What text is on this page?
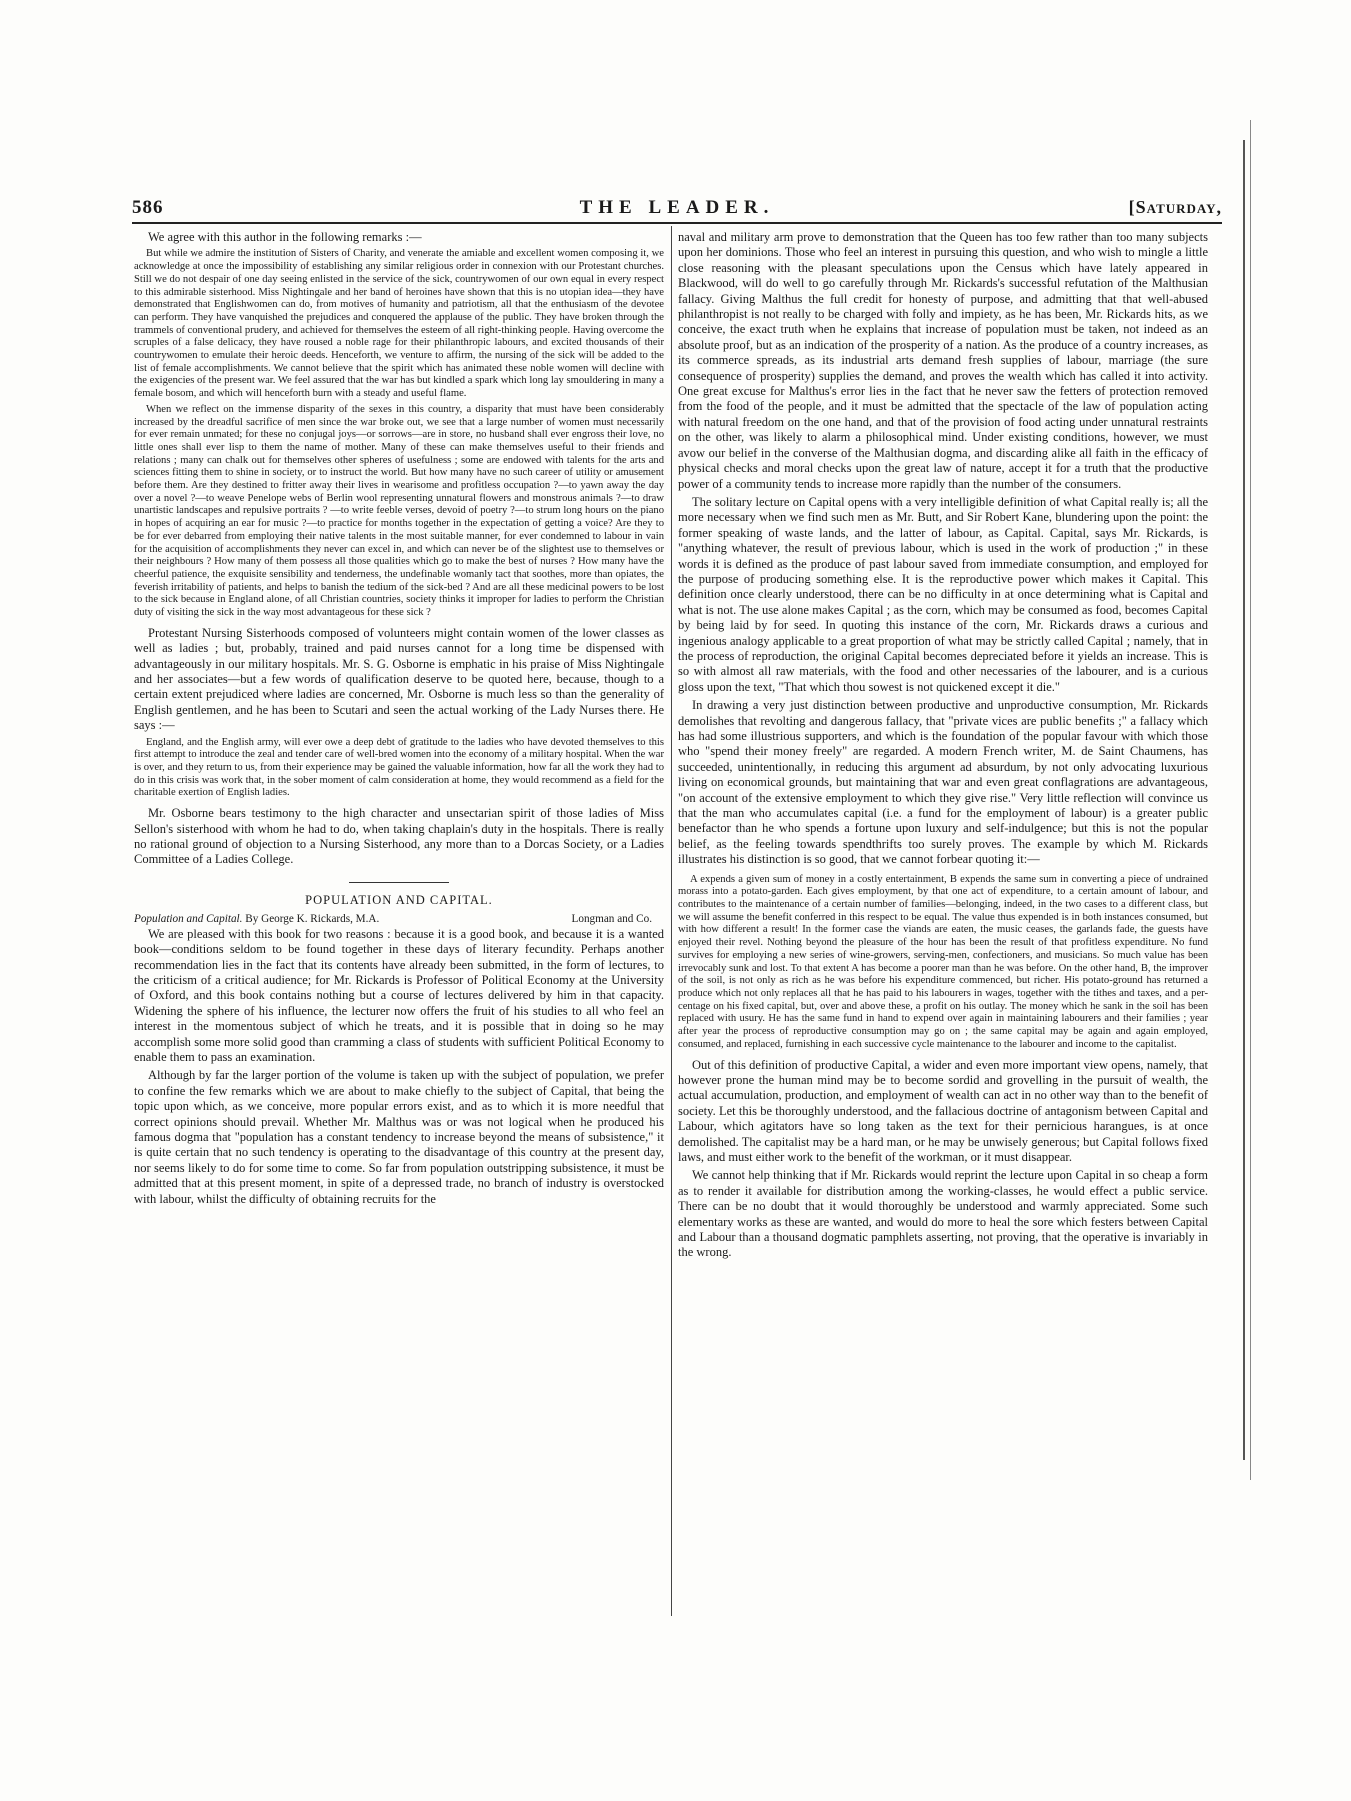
586	THE LEADER.	[Saturday,

We agree with this author in the following remarks :—

But while we admire the institution of Sisters of Charity, and venerate the amiable and excellent women composing it, we acknowledge at once the impossibility of establishing any similar religious order in connexion with our Protestant churches. Still we do not despair of one day seeing enlisted in the service of the sick, countrywomen of our own equal in every respect to this admirable sisterhood. Miss Nightingale and her band of heroines have shown that this is no utopian idea—they have demonstrated that Englishwomen can do, from motives of humanity and patriotism, all that the enthusiasm of the devotee can perform. They have vanquished the prejudices and conquered the applause of the public. They have broken through the trammels of conventional prudery, and achieved for themselves the esteem of all right-thinking people. Having overcome the scruples of a false delicacy, they have roused a noble rage for their philanthropic labours, and excited thousands of their countrywomen to emulate their heroic deeds. Henceforth, we venture to affirm, the nursing of the sick will be added to the list of female accomplishments. We cannot believe that the spirit which has animated these noble women will decline with the exigencies of the present war. We feel assured that the war has but kindled a spark which long lay smouldering in many a female bosom, and which will henceforth burn with a steady and useful flame.

When we reflect on the immense disparity of the sexes in this country, a disparity that must have been considerably increased by the dreadful sacrifice of men since the war broke out, we see that a large number of women must necessarily for ever remain unmated; for these no conjugal joys—or sorrows—are in store, no husband shall ever engross their love, no little ones shall ever lisp to them the name of mother. Many of these can make themselves useful to their friends and relations ; many can chalk out for themselves other spheres of usefulness ; some are endowed with talents for the arts and sciences fitting them to shine in society, or to instruct the world. But how many have no such career of utility or amusement before them. Are they destined to fritter away their lives in wearisome and profitless occupation ?—to yawn away the day over a novel ?—to weave Penelope webs of Berlin wool representing unnatural flowers and monstrous animals ?—to draw unartistic landscapes and repulsive portraits ? —to write feeble verses, devoid of poetry ?—to strum long hours on the piano in hopes of acquiring an ear for music ?—to practice for months together in the expectation of getting a voice? Are they to be for ever debarred from employing their native talents in the most suitable manner, for ever condemned to labour in vain for the acquisition of accomplishments they never can excel in, and which can never be of the slightest use to themselves or their neighbours ? How many of them possess all those qualities which go to make the best of nurses ? How many have the cheerful patience, the exquisite sensibility and tenderness, the undefinable womanly tact that soothes, more than opiates, the feverish irritability of patients, and helps to banish the tedium of the sick-bed ? And are all these medicinal powers to be lost to the sick because in England alone, of all Christian countries, society thinks it improper for ladies to perform the Christian duty of visiting the sick in the way most advantageous for these sick ?

Protestant Nursing Sisterhoods composed of volunteers might contain women of the lower classes as well as ladies ; but, probably, trained and paid nurses cannot for a long time be dispensed with advantageously in our military hospitals. Mr. S. G. Osborne is emphatic in his praise of Miss Nightingale and her associates—but a few words of qualification deserve to be quoted here, because, though to a certain extent prejudiced where ladies are concerned, Mr. Osborne is much less so than the generality of English gentlemen, and he has been to Scutari and seen the actual working of the Lady Nurses there. He says :—

England, and the English army, will ever owe a deep debt of gratitude to the ladies who have devoted themselves to this first attempt to introduce the zeal and tender care of well-bred women into the economy of a military hospital. When the war is over, and they return to us, from their experience may be gained the valuable information, how far all the work they had to do in this crisis was work that, in the sober moment of calm consideration at home, they would recommend as a field for the charitable exertion of English ladies.

Mr. Osborne bears testimony to the high character and unsectarian spirit of those ladies of Miss Sellon's sisterhood with whom he had to do, when taking chaplain's duty in the hospitals. There is really no rational ground of objection to a Nursing Sisterhood, any more than to a Dorcas Society, or a Ladies Committee of a Ladies College.

POPULATION AND CAPITAL.
Population and Capital. By George K. Rickards, M.A.	Longman and Co.

We are pleased with this book for two reasons : because it is a good book, and because it is a wanted book—conditions seldom to be found together in these days of literary fecundity. Perhaps another recommendation lies in the fact that its contents have already been submitted, in the form of lectures, to the criticism of a critical audience; for Mr. Rickards is Professor of Political Economy at the University of Oxford, and this book contains nothing but a course of lectures delivered by him in that capacity. Widening the sphere of his influence, the lecturer now offers the fruit of his studies to all who feel an interest in the momentous subject of which he treats, and it is possible that in doing so he may accomplish some more solid good than cramming a class of students with sufficient Political Economy to enable them to pass an examination.

Although by far the larger portion of the volume is taken up with the subject of population, we prefer to confine the few remarks which we are about to make chiefly to the subject of Capital, that being the topic upon which, as we conceive, more popular errors exist, and as to which it is more needful that correct opinions should prevail. Whether Mr. Malthus was or was not logical when he produced his famous dogma that "population has a constant tendency to increase beyond the means of subsistence," it is quite certain that no such tendency is operating to the disadvantage of this country at the present day, nor seems likely to do for some time to come. So far from population outstripping subsistence, it must be admitted that at this present moment, in spite of a depressed trade, no branch of industry is overstocked with labour, whilst the difficulty of obtaining recruits for the

naval and military arm prove to demonstration that the Queen has too few rather than too many subjects upon her dominions. Those who feel an interest in pursuing this question, and who wish to mingle a little close reasoning with the pleasant speculations upon the Census which have lately appeared in Blackwood, will do well to go carefully through Mr. Rickards's successful refutation of the Malthusian fallacy. Giving Malthus the full credit for honesty of purpose, and admitting that that well-abused philanthropist is not really to be charged with folly and impiety, as he has been, Mr. Rickards hits, as we conceive, the exact truth when he explains that increase of population must be taken, not indeed as an absolute proof, but as an indication of the prosperity of a nation. As the produce of a country increases, as its commerce spreads, as its industrial arts demand fresh supplies of labour, marriage (the sure consequence of prosperity) supplies the demand, and proves the wealth which has called it into activity. One great excuse for Malthus's error lies in the fact that he never saw the fetters of protection removed from the food of the people, and it must be admitted that the spectacle of the law of population acting with natural freedom on the one hand, and that of the provision of food acting under unnatural restraints on the other, was likely to alarm a philosophical mind. Under existing conditions, however, we must avow our belief in the converse of the Malthusian dogma, and discarding alike all faith in the efficacy of physical checks and moral checks upon the great law of nature, accept it for a truth that the productive power of a community tends to increase more rapidly than the number of the consumers.

The solitary lecture on Capital opens with a very intelligible definition of what Capital really is; all the more necessary when we find such men as Mr. Butt, and Sir Robert Kane, blundering upon the point: the former speaking of waste lands, and the latter of labour, as Capital. Capital, says Mr. Rickards, is "anything whatever, the result of previous labour, which is used in the work of production ;" in these words it is defined as the produce of past labour saved from immediate consumption, and employed for the purpose of producing something else. It is the reproductive power which makes it Capital. This definition once clearly understood, there can be no difficulty in at once determining what is Capital and what is not. The use alone makes Capital ; as the corn, which may be consumed as food, becomes Capital by being laid by for seed. In quoting this instance of the corn, Mr. Rickards draws a curious and ingenious analogy applicable to a great proportion of what may be strictly called Capital ; namely, that in the process of reproduction, the original Capital becomes depreciated before it yields an increase. This is so with almost all raw materials, with the food and other necessaries of the labourer, and is a curious gloss upon the text, "That which thou sowest is not quickened except it die."

In drawing a very just distinction between productive and unproductive consumption, Mr. Rickards demolishes that revolting and dangerous fallacy, that "private vices are public benefits ;" a fallacy which has had some illustrious supporters, and which is the foundation of the popular favour with which those who "spend their money freely" are regarded. A modern French writer, M. de Saint Chaumens, has succeeded, unintentionally, in reducing this argument ad absurdum, by not only advocating luxurious living on economical grounds, but maintaining that war and even great conflagrations are advantageous, "on account of the extensive employment to which they give rise." Very little reflection will convince us that the man who accumulates capital (i.e. a fund for the employment of labour) is a greater public benefactor than he who spends a fortune upon luxury and self-indulgence; but this is not the popular belief, as the feeling towards spendthrifts too surely proves. The example by which M. Rickards illustrates his distinction is so good, that we cannot forbear quoting it:—

A expends a given sum of money in a costly entertainment, B expends the same sum in converting a piece of undrained morass into a potato-garden. Each gives employment, by that one act of expenditure, to a certain amount of labour, and contributes to the maintenance of a certain number of families—belonging, indeed, in the two cases to a different class, but we will assume the benefit conferred in this respect to be equal. The value thus expended is in both instances consumed, but with how different a result! In the former case the viands are eaten, the music ceases, the garlands fade, the guests have enjoyed their revel. Nothing beyond the pleasure of the hour has been the result of that profitless expenditure. No fund survives for employing a new series of wine-growers, serving-men, confectioners, and musicians. So much value has been irrevocably sunk and lost. To that extent A has become a poorer man than he was before. On the other hand, B, the improver of the soil, is not only as rich as he was before his expenditure commenced, but richer. His potato-ground has returned a produce which not only replaces all that he has paid to his labourers in wages, together with the tithes and taxes, and a per-centage on his fixed capital, but, over and above these, a profit on his outlay. The money which he sank in the soil has been replaced with usury. He has the same fund in hand to expend over again in maintaining labourers and their families ; year after year the process of reproductive consumption may go on ; the same capital may be again and again employed, consumed, and replaced, furnishing in each successive cycle maintenance to the labourer and income to the capitalist.

Out of this definition of productive Capital, a wider and even more important view opens, namely, that however prone the human mind may be to become sordid and grovelling in the pursuit of wealth, the actual accumulation, production, and employment of wealth can act in no other way than to the benefit of society. Let this be thoroughly understood, and the fallacious doctrine of antagonism between Capital and Labour, which agitators have so long taken as the text for their pernicious harangues, is at once demolished. The capitalist may be a hard man, or he may be unwisely generous; but Capital follows fixed laws, and must either work to the benefit of the workman, or it must disappear.

We cannot help thinking that if Mr. Rickards would reprint the lecture upon Capital in so cheap a form as to render it available for distribution among the working-classes, he would effect a public service. There can be no doubt that it would thoroughly be understood and warmly appreciated. Some such elementary works as these are wanted, and would do more to heal the sore which festers between Capital and Labour than a thousand dogmatic pamphlets asserting, not proving, that the operative is invariably in the wrong.
